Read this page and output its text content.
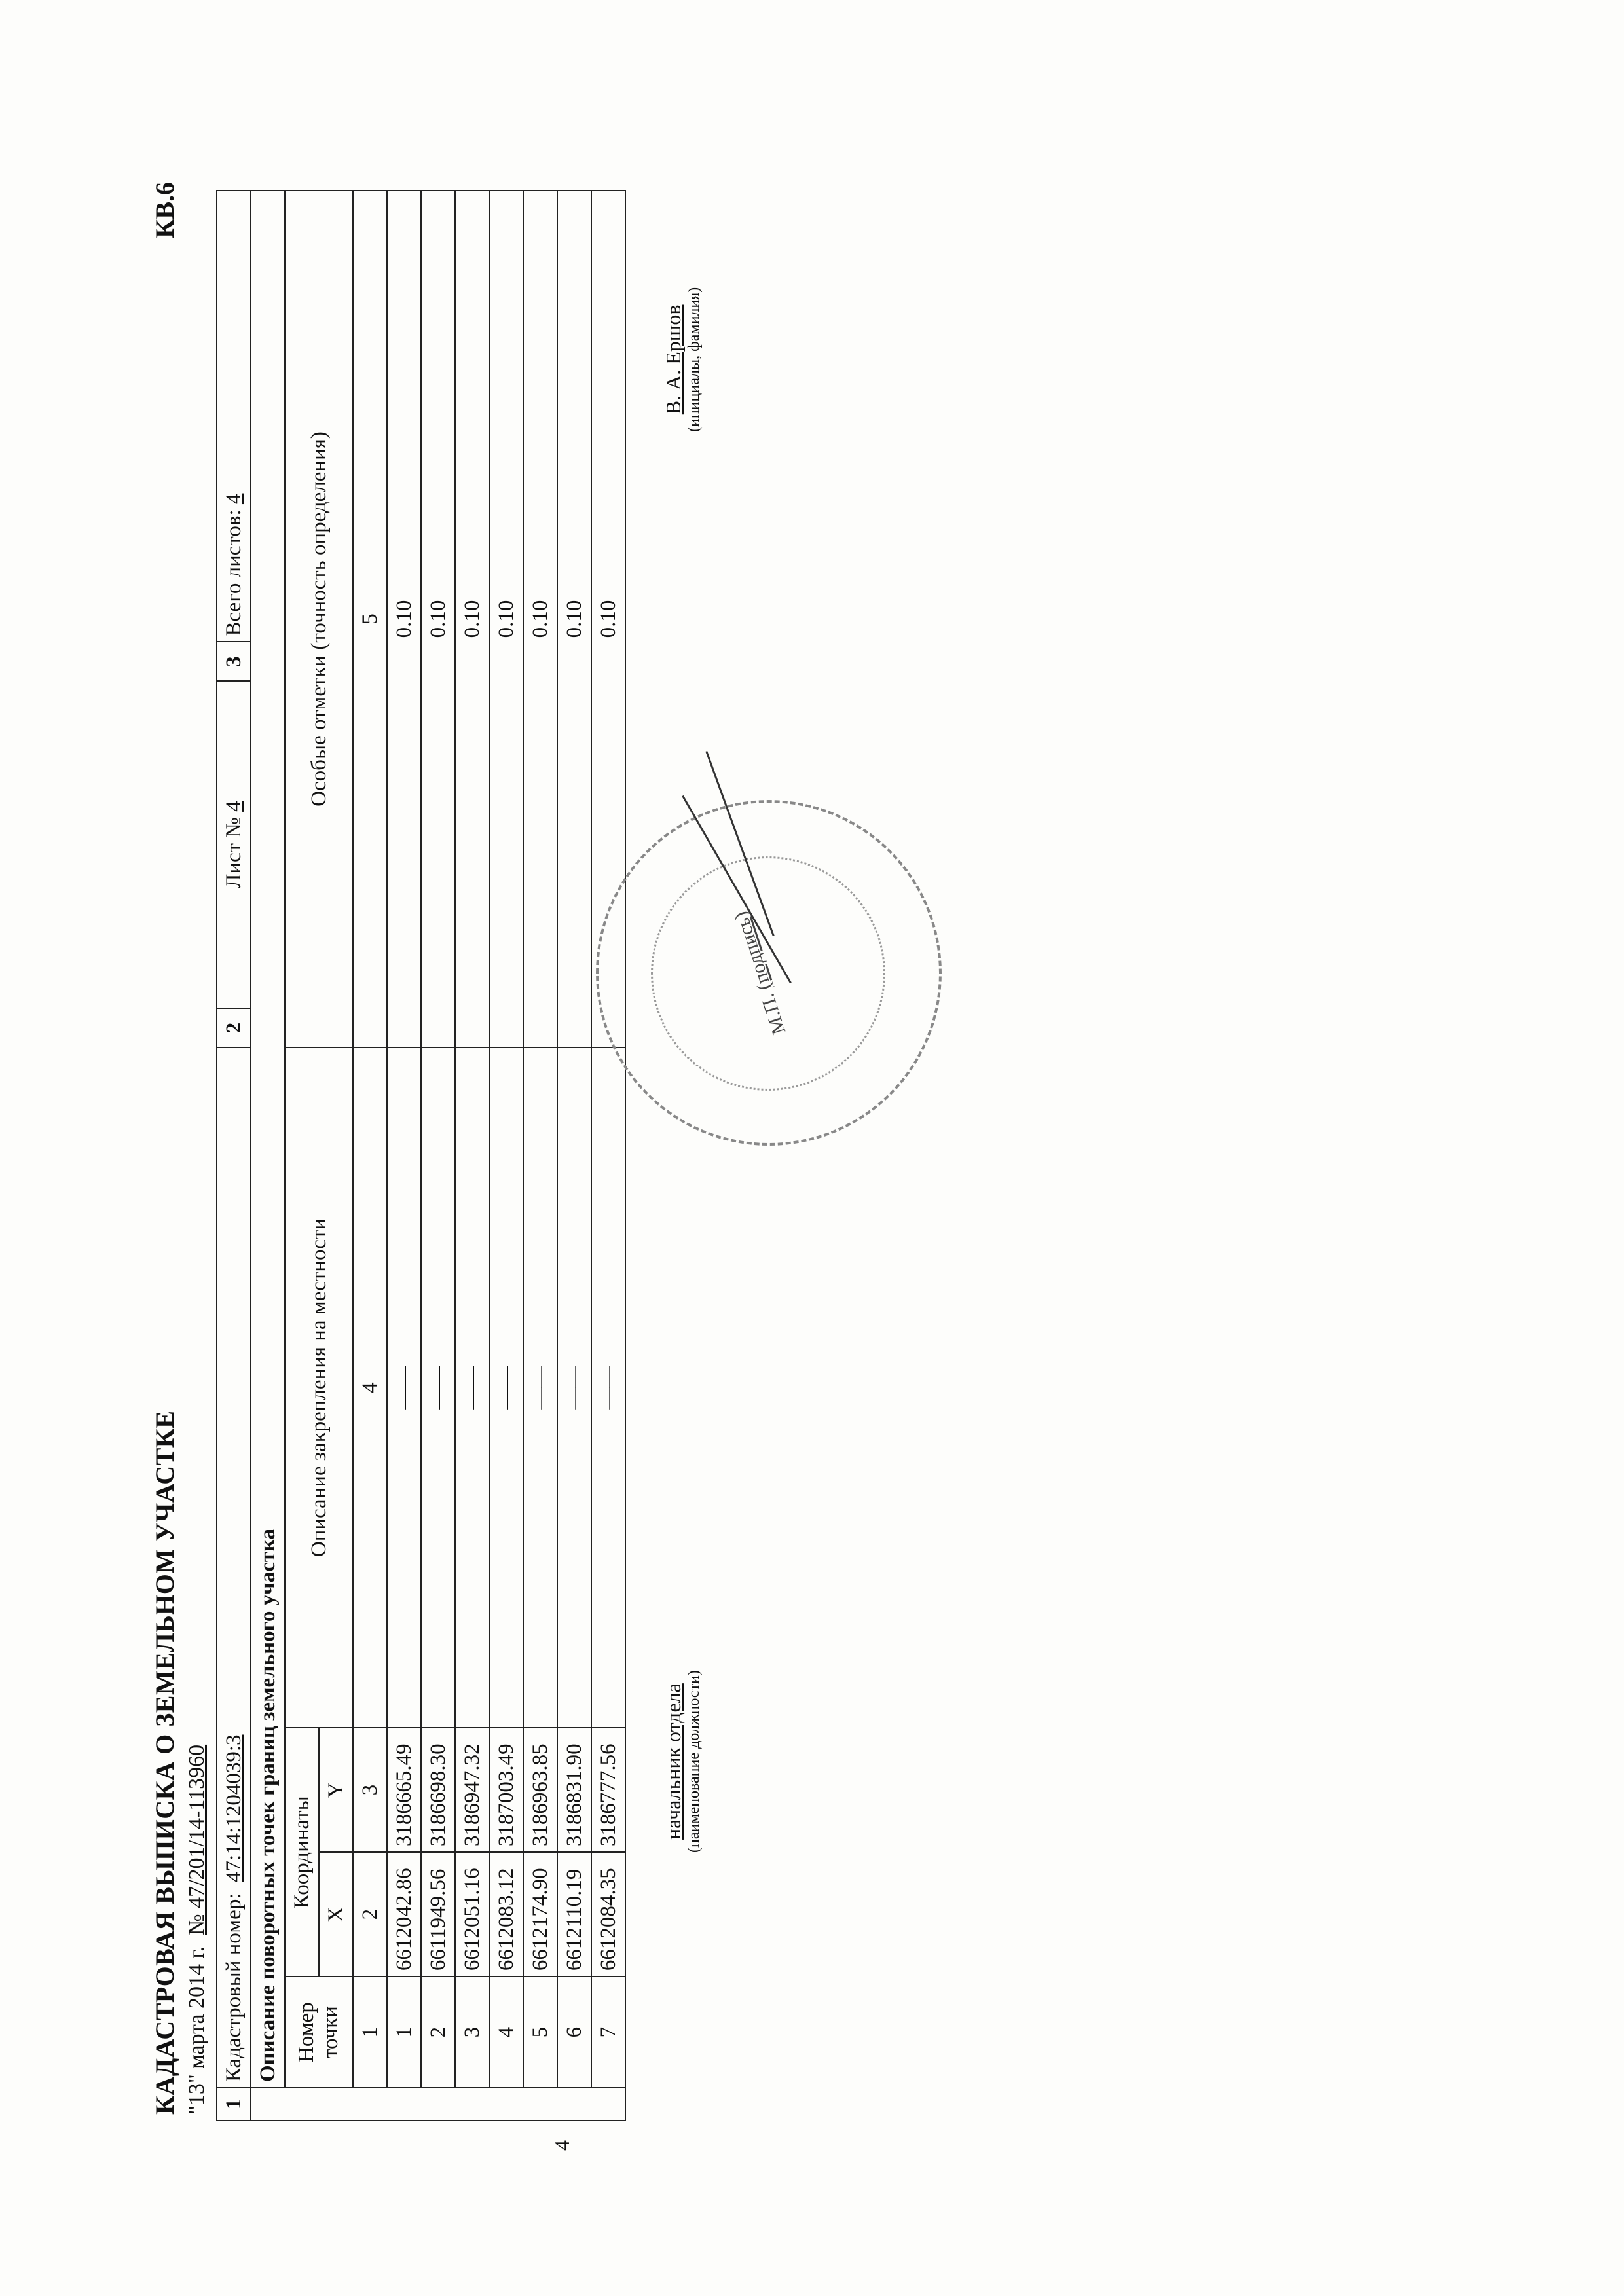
КАДАСТРОВАЯ ВЫПИСКА О ЗЕМЕЛЬНОМ УЧАСТКЕ
КВ.6
"13" марта 2014 г.  № 47/201/14-113960
1	Кадастровый номер:  47:14:1204039:3				2	Лист № 4	3	Всего листов: 4
	Описание поворотных точек границ земельного участка							
	Номер точки	Координаты		Описание закрепления на местности	Особые отметки (точность определения)			
		X	Y					
	1	2	3	4	5			
	1	6612042.86	3186665.49	——	0.10			
	2	6611949.56	3186698.30	——	0.10			
	3	6612051.16	3186947.32	——	0.10			
	4	6612083.12	3187003.49	——	0.10			
	5	6612174.90	3186963.85	——	0.10			
	6	6612110.19	3186831.90	——	0.10			
	7	6612084.35	3186777.56	——	0.10			
4
М.П. (подпись)
начальник отдела (наименование должности)
В. А. Ершов (инициалы, фамилия)
